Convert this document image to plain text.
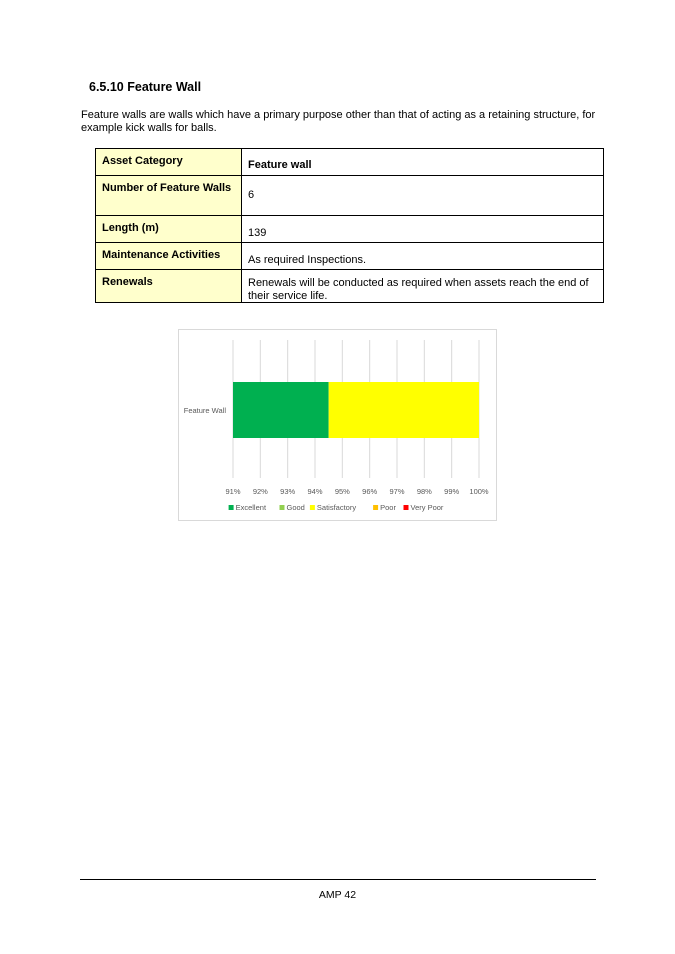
6.5.10 Feature Wall

Feature walls are walls which have a primary purpose other than that of acting as a retaining structure, for example kick walls for balls.

Asset Category	Feature wall
Number of Feature Walls	6
Length (m)	139
Maintenance Activities	As required Inspections.
Renewals	Renewals will be conducted as required when assets reach the end of their service life.
91% 92% 93% 94% 95% 96% 97% 98% 99% 100%
Feature Wall
Excellent	Good Satisfactory	Poor Very Poor

AMP 42
